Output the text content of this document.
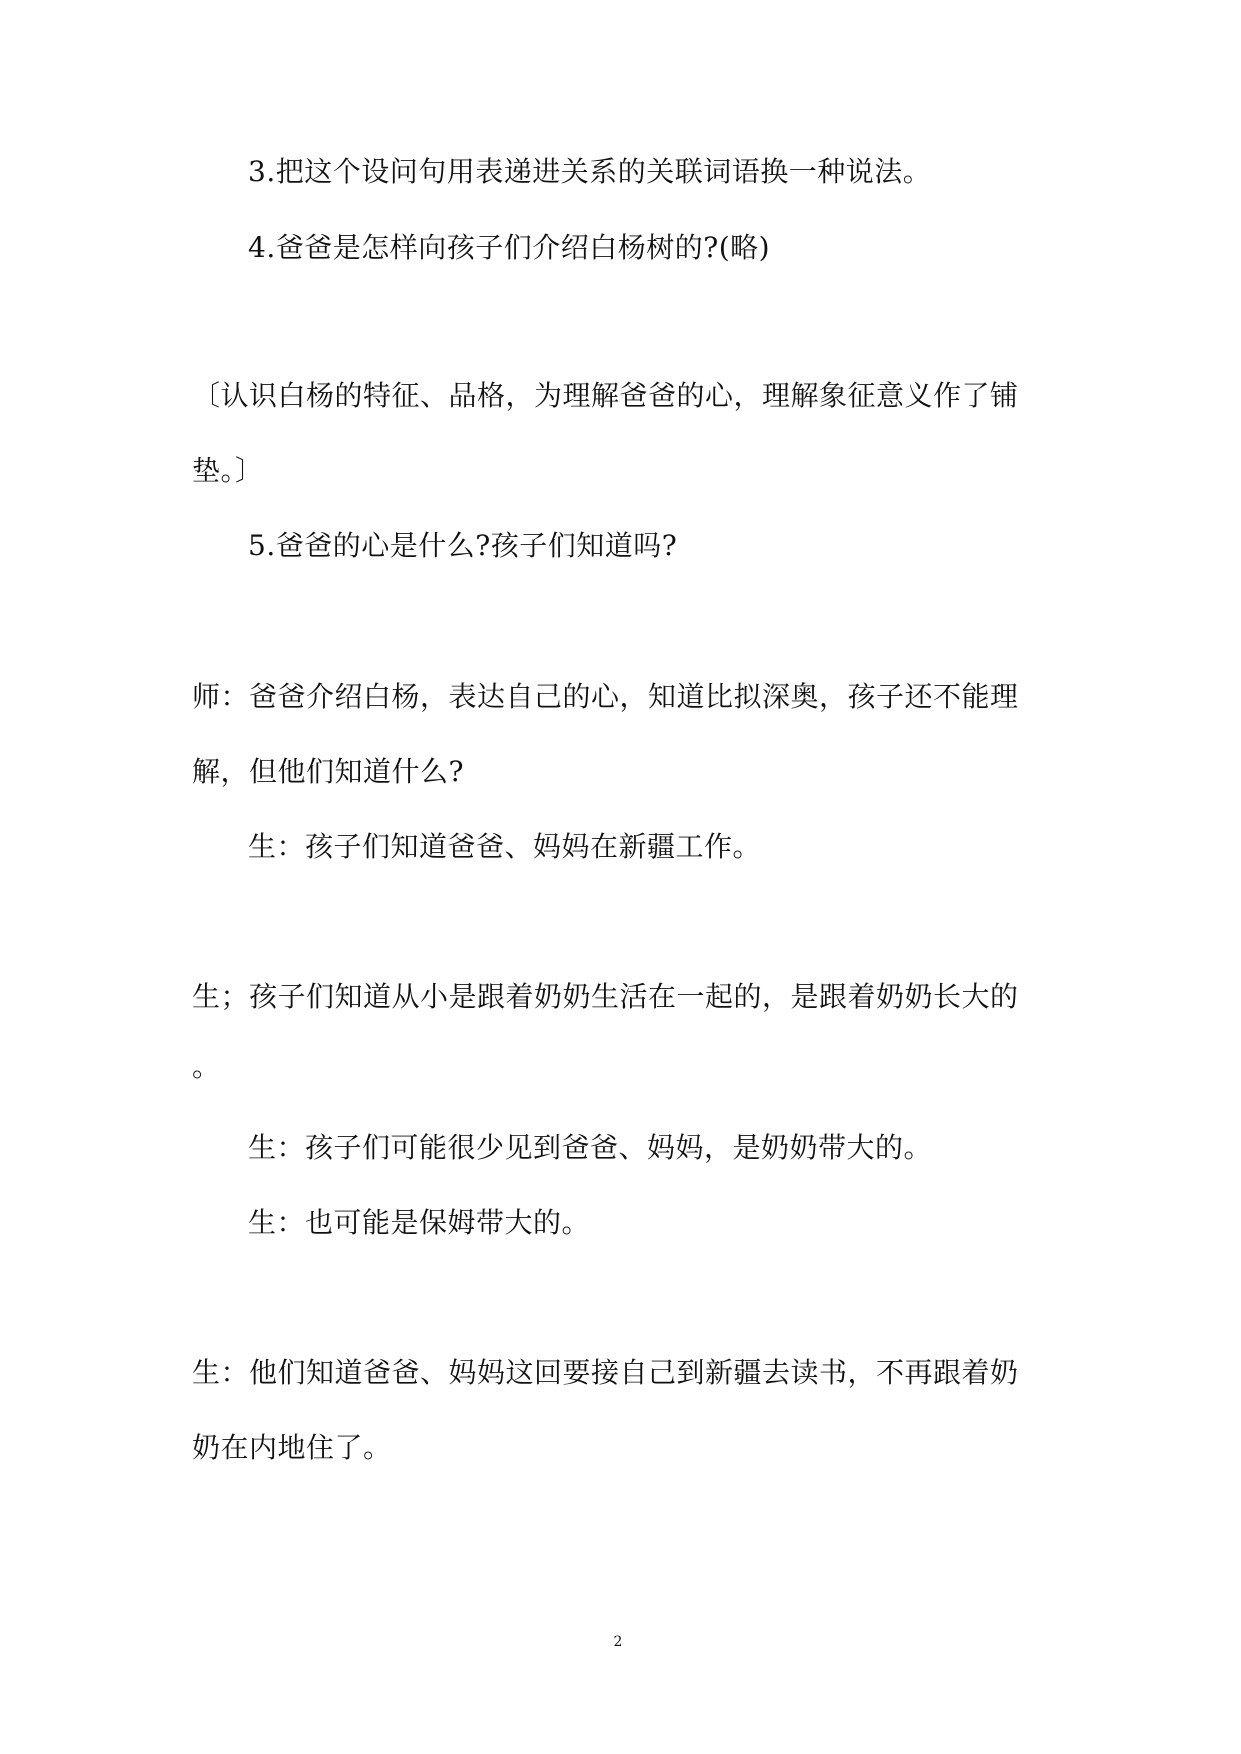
3.把这个设问句用表递进关系的关联词语换一种说法。
4.爸爸是怎样向孩子们介绍白杨树的?(略)
〔认识白杨的特征、品格，为理解爸爸的心，理解象征意义作了铺
垫。〕
5.爸爸的心是什么?孩子们知道吗?
师：爸爸介绍白杨，表达自己的心，知道比拟深奥，孩子还不能理
解，但他们知道什么?
生：孩子们知道爸爸、妈妈在新疆工作。
生；孩子们知道从小是跟着奶奶生活在一起的，是跟着奶奶长大的
。
生：孩子们可能很少见到爸爸、妈妈，是奶奶带大的。
生：也可能是保姆带大的。
生：他们知道爸爸、妈妈这回要接自己到新疆去读书，不再跟着奶
奶在内地住了。
2
